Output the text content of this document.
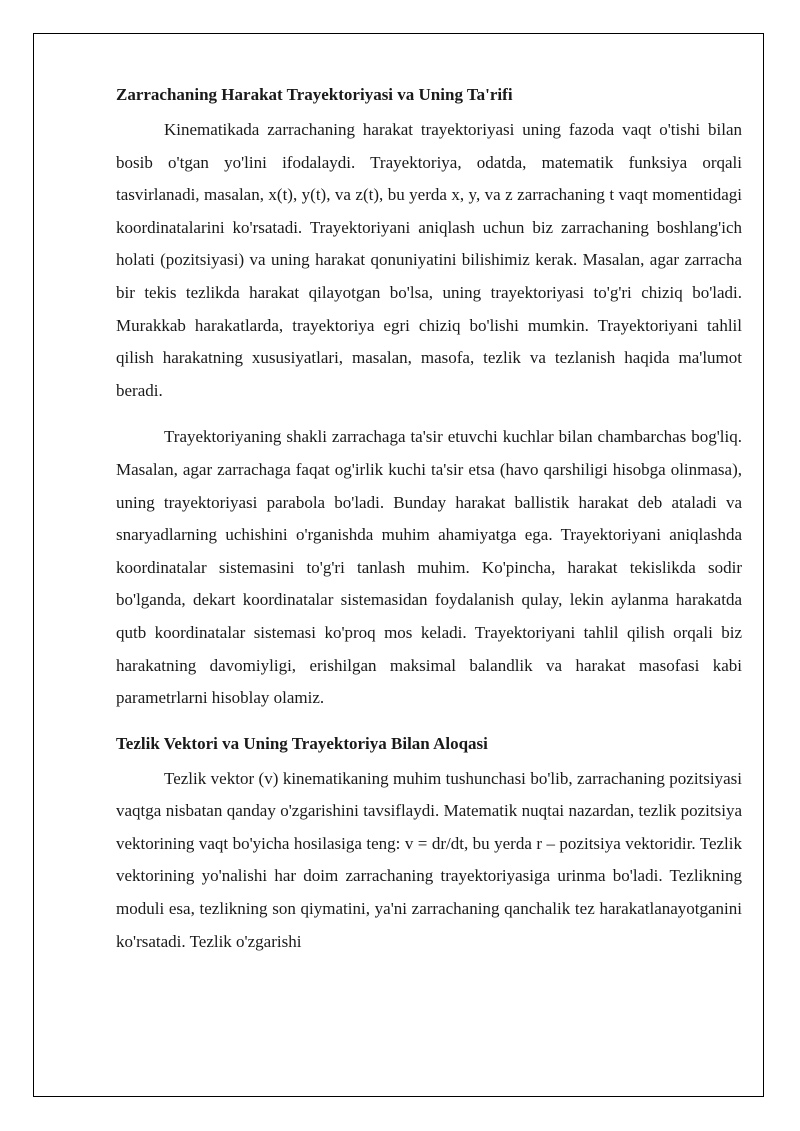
Zarrachaning Harakat Trayektoriyasi va Uning Ta'rifi

Kinematikada zarrachaning harakat trayektoriyasi uning fazoda vaqt o'tishi bilan bosib o'tgan yo'lini ifodalaydi. Trayektoriya, odatda, matematik funksiya orqali tasvirlanadi, masalan, x(t), y(t), va z(t), bu yerda x, y, va z zarrachaning t vaqt momentidagi koordinatalarini ko'rsatadi. Trayektoriyani aniqlash uchun biz zarrachaning boshlang'ich holati (pozitsiyasi) va uning harakat qonuniyatini bilishimiz kerak. Masalan, agar zarracha bir tekis tezlikda harakat qilayotgan bo'lsa, uning trayektoriyasi to'g'ri chiziq bo'ladi. Murakkab harakatlarda, trayektoriya egri chiziq bo'lishi mumkin. Trayektoriyani tahlil qilish harakatning xususiyatlari, masalan, masofa, tezlik va tezlanish haqida ma'lumot beradi.

Trayektoriyaning shakli zarrachaga ta'sir etuvchi kuchlar bilan chambarchas bog'liq. Masalan, agar zarrachaga faqat og'irlik kuchi ta'sir etsa (havo qarshiligi hisobga olinmasa), uning trayektoriyasi parabola bo'ladi. Bunday harakat ballistik harakat deb ataladi va snaryadlarning uchishini o'rganishda muhim ahamiyatga ega. Trayektoriyani aniqlashda koordinatalar sistemasini to'g'ri tanlash muhim. Ko'pincha, harakat tekislikda sodir bo'lganda, dekart koordinatalar sistemasidan foydalanish qulay, lekin aylanma harakatda qutb koordinatalar sistemasi ko'proq mos keladi. Trayektoriyani tahlil qilish orqali biz harakatning davomiyligi, erishilgan maksimal balandlik va harakat masofasi kabi parametrlarni hisoblay olamiz.

Tezlik Vektori va Uning Trayektoriya Bilan Aloqasi

Tezlik vektor (v) kinematikaning muhim tushunchasi bo'lib, zarrachaning pozitsiyasi vaqtga nisbatan qanday o'zgarishini tavsiflaydi. Matematik nuqtai nazardan, tezlik pozitsiya vektorining vaqt bo'yicha hosilasiga teng: v = dr/dt, bu yerda r – pozitsiya vektoridir. Tezlik vektorining yo'nalishi har doim zarrachaning trayektoriyasiga urinma bo'ladi. Tezlikning moduli esa, tezlikning son qiymatini, ya'ni zarrachaning qanchalik tez harakatlanayotganini ko'rsatadi. Tezlik o'zgarishi
